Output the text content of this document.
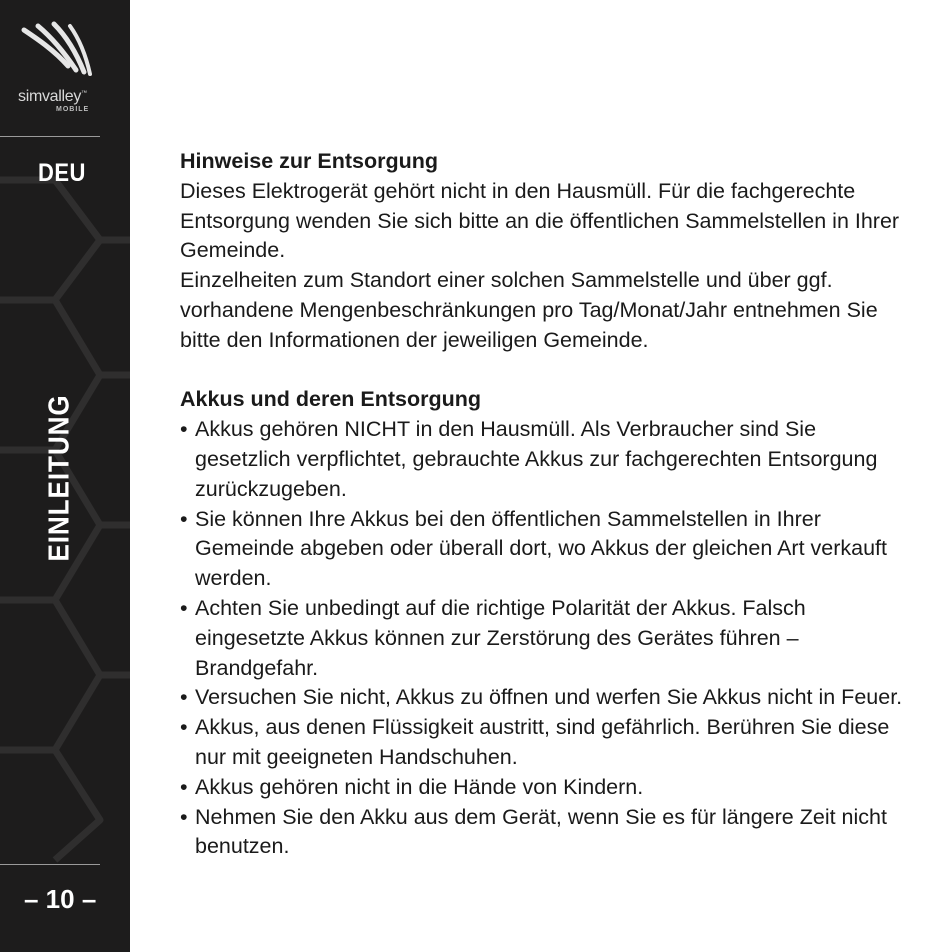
simvalley™
MOBILE
DEU
EINLEITUNG
– 10 –
Hinweise zur Entsorgung

Dieses Elektrogerät gehört nicht in den Hausmüll. Für die fachgerechte Entsorgung wenden Sie sich bitte an die öffentlichen Sammelstellen in Ihrer Gemeinde.

Einzelheiten zum Standort einer solchen Sammelstelle und über ggf. vorhandene Mengenbeschränkungen pro Tag/Monat/Jahr entnehmen Sie bitte den Informationen der jeweiligen Gemeinde.

Akkus und deren Entsorgung
• Akkus gehören NICHT in den Hausmüll. Als Verbraucher sind Sie gesetzlich verpflichtet, gebrauchte Akkus zur fachgerechten Entsorgung zurückzugeben.
• Sie können Ihre Akkus bei den öffentlichen Sammelstellen in Ihrer Gemeinde abgeben oder überall dort, wo Akkus der gleichen Art verkauft werden.
• Achten Sie unbedingt auf die richtige Polarität der Akkus. Falsch eingesetzte Akkus können zur Zerstörung des Gerätes führen – Brandgefahr.
• Versuchen Sie nicht, Akkus zu öffnen und werfen Sie Akkus nicht in Feuer.
• Akkus, aus denen Flüssigkeit austritt, sind gefährlich. Berühren Sie diese nur mit geeigneten Handschuhen.
• Akkus gehören nicht in die Hände von Kindern.
• Nehmen Sie den Akku aus dem Gerät, wenn Sie es für längere Zeit nicht benutzen.
